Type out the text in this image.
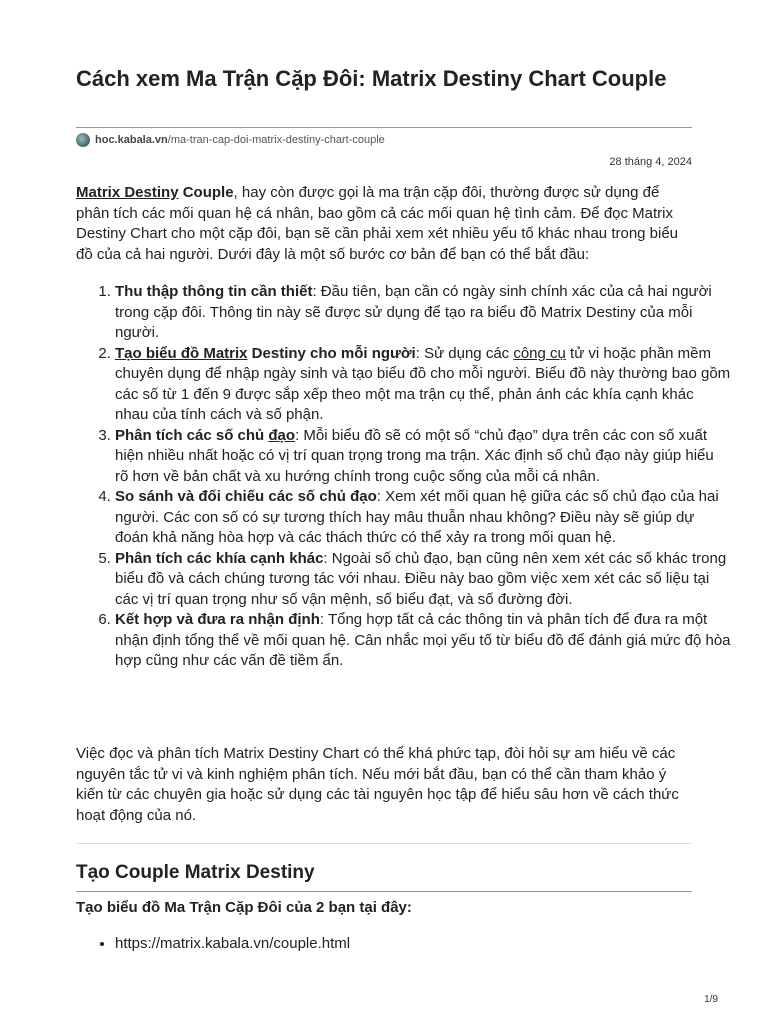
Cách xem Ma Trận Cặp Đôi: Matrix Destiny Chart Couple
hoc.kabala.vn /ma-tran-cap-doi-matrix-destiny-chart-couple
28 tháng 4, 2024

Matrix Destiny Couple, hay còn được gọi là ma trận cặp đôi, thường được sử dụng để phân tích các mối quan hệ cá nhân, bao gồm cả các mối quan hệ tình cảm. Để đọc Matrix Destiny Chart cho một cặp đôi, bạn sẽ cần phải xem xét nhiều yếu tố khác nhau trong biểu đồ của cả hai người. Dưới đây là một số bước cơ bản để bạn có thể bắt đầu:

1. Thu thập thông tin cần thiết: Đầu tiên, bạn cần có ngày sinh chính xác của cả hai người trong cặp đôi. Thông tin này sẽ được sử dụng để tạo ra biểu đồ Matrix Destiny của mỗi người.
2. Tạo biểu đồ Matrix Destiny cho mỗi người: Sử dụng các công cụ tử vi hoặc phần mềm chuyên dụng để nhập ngày sinh và tạo biểu đồ cho mỗi người. Biểu đồ này thường bao gồm các số từ 1 đến 9 được sắp xếp theo một ma trận cụ thể, phản ánh các khía cạnh khác nhau của tính cách và số phận.
3. Phân tích các số chủ đạo: Mỗi biểu đồ sẽ có một số “chủ đạo” dựa trên các con số xuất hiện nhiều nhất hoặc có vị trí quan trọng trong ma trận. Xác định số chủ đạo này giúp hiểu rõ hơn về bản chất và xu hướng chính trong cuộc sống của mỗi cá nhân.
4. So sánh và đối chiếu các số chủ đạo: Xem xét mối quan hệ giữa các số chủ đạo của hai người. Các con số có sự tương thích hay mâu thuẫn nhau không? Điều này sẽ giúp dự đoán khả năng hòa hợp và các thách thức có thể xảy ra trong mối quan hệ.
5. Phân tích các khía cạnh khác: Ngoài số chủ đạo, bạn cũng nên xem xét các số khác trong biểu đồ và cách chúng tương tác với nhau. Điều này bao gồm việc xem xét các số liệu tại các vị trí quan trọng như số vận mệnh, số biểu đạt, và số đường đời.
6. Kết hợp và đưa ra nhận định: Tổng hợp tất cả các thông tin và phân tích để đưa ra một nhận định tổng thể về mối quan hệ. Cân nhắc mọi yếu tố từ biểu đồ để đánh giá mức độ hòa hợp cũng như các vấn đề tiềm ẩn.

Việc đọc và phân tích Matrix Destiny Chart có thể khá phức tạp, đòi hỏi sự am hiểu về các nguyên tắc tử vi và kinh nghiệm phân tích. Nếu mới bắt đầu, bạn có thể cần tham khảo ý kiến từ các chuyên gia hoặc sử dụng các tài nguyên học tập để hiểu sâu hơn về cách thức hoạt động của nó.

Tạo Couple Matrix Destiny
Tạo biểu đồ Ma Trận Cặp Đôi của 2 bạn tại đây:
• https://matrix.kabala.vn/couple.html
1/9
